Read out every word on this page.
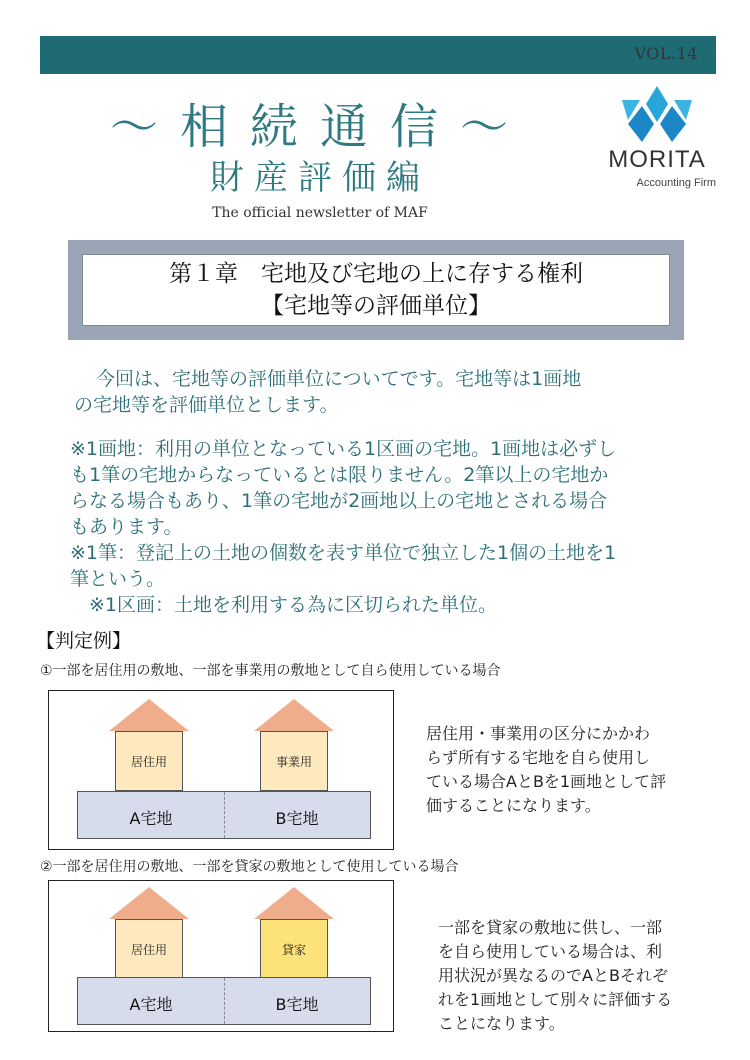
VOL.14
～相続通信～
財産評価編
The official newsletter of MAF
MORITA
Accounting Firm
第１章　宅地及び宅地の上に存する権利
【宅地等の評価単位】
今回は、宅地等の評価単位についてです。宅地等は1画地
の宅地等を評価単位とします。
※1画地：利用の単位となっている1区画の宅地。1画地は必ずし
も1筆の宅地からなっているとは限りません。2筆以上の宅地か
らなる場合もあり、1筆の宅地が2画地以上の宅地とされる場合
もあります。
※1筆：登記上の土地の個数を表す単位で独立した1個の土地を1
筆という。
　※1区画：土地を利用する為に区切られた単位。
【判定例】
①一部を居住用の敷地、一部を事業用の敷地として自ら使用している場合
居住用	事業用
A宅地	B宅地
居住用・事業用の区分にかかわ
らず所有する宅地を自ら使用し
ている場合AとBを1画地として評
価することになります。
②一部を居住用の敷地、一部を貸家の敷地として使用している場合
居住用	貸家
A宅地	B宅地
一部を貸家の敷地に供し、一部
を自ら使用している場合は、利
用状況が異なるのでAとBそれぞ
れを1画地として別々に評価する
ことになります。
